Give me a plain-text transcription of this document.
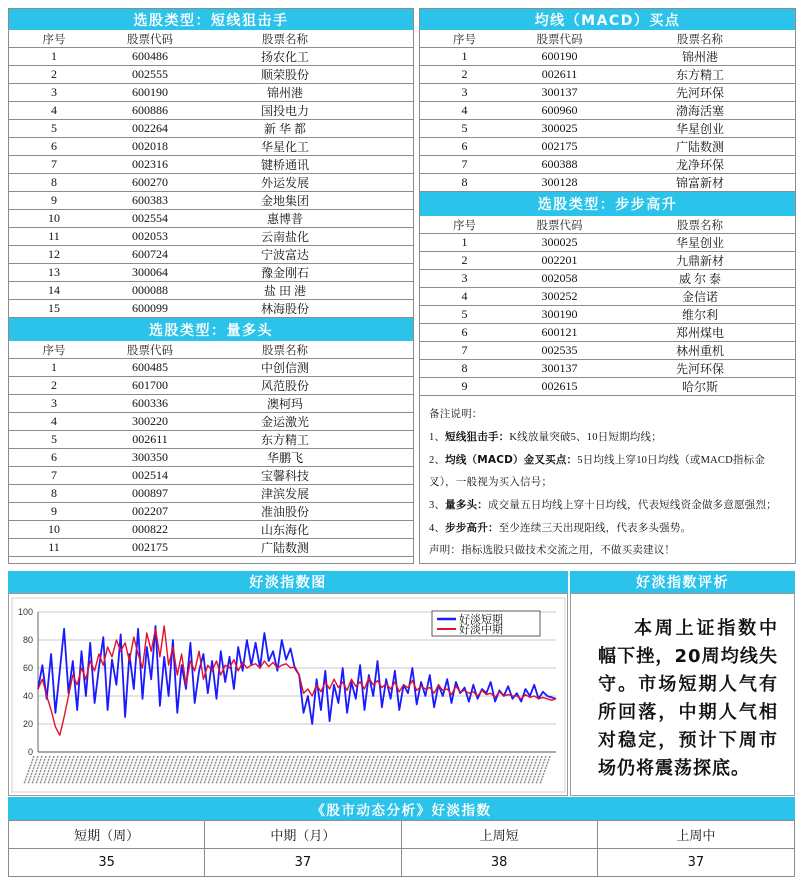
选股类型：短线狙击手
序号	股票代码	股票名称
1	600486	扬农化工
2	002555	顺荣股份
3	600190	锦州港
4	600886	国投电力
5	002264	新 华 都
6	002018	华星化工
7	002316	键桥通讯
8	600270	外运发展
9	600383	金地集团
10	002554	惠博普
11	002053	云南盐化
12	600724	宁波富达
13	300064	豫金刚石
14	000088	盐 田 港
15	600099	林海股份
选股类型：量多头
序号	股票代码	股票名称
1	600485	中创信测
2	601700	风范股份
3	600336	澳柯玛
4	300220	金运激光
5	002611	东方精工
6	300350	华鹏飞
7	002514	宝馨科技
8	000897	津滨发展
9	002207	准油股份
10	000822	山东海化
11	002175	广陆数测
均线（MACD）买点
序号	股票代码	股票名称
1	600190	锦州港
2	002611	东方精工
3	300137	先河环保
4	600960	渤海活塞
5	300025	华星创业
6	002175	广陆数测
7	600388	龙净环保
8	300128	锦富新材
选股类型：步步高升
序号	股票代码	股票名称
1	300025	华星创业
2	002201	九鼎新材
3	002058	威 尔 泰
4	300252	金信诺
5	300190	维尔利
6	600121	郑州煤电
7	002535	林州重机
8	300137	先河环保
9	002615	哈尔斯

备注说明：

1、短线狙击手：K线放量突破5、10日短期均线；

2、均线（MACD）金叉买点：5日均线上穿10日均线（或MACD指标金叉），一般视为买入信号；

3、量多头：成交量五日均线上穿十日均线，代表短线资金做多意愿强烈；

4、步步高升：至少连续三天出现阳线，代表多头强势。

声明：指标选股只做技术交流之用，不做买卖建议！

好淡指数图	好淡指数评析
0
20
40
60
80
100
好淡短期
好淡中期	本周上证指数中幅下挫，20周均线失守。市场短期人气有所回落，中期人气相对稳定，预计下周市场仍将震荡探底。

《股市动态分析》好淡指数
短期（周）	中期（月）	上周短	上周中
35	37	38	37
